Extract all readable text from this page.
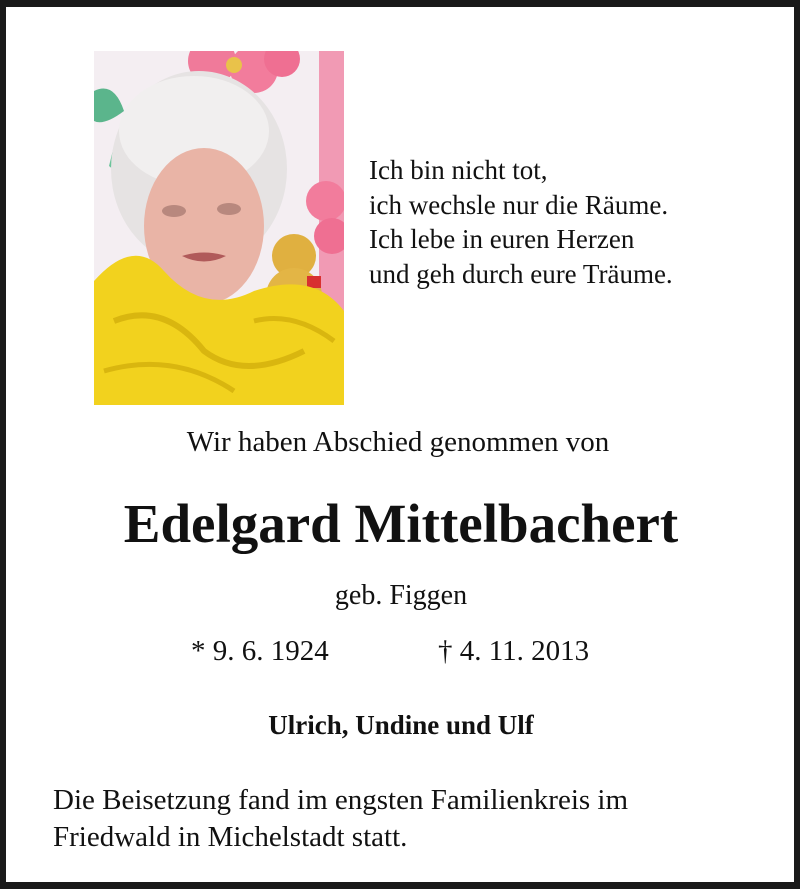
Ich bin nicht tot,
ich wechsle nur die Räume.
Ich lebe in euren Herzen
und geh durch eure Träume.
Wir haben Abschied genommen von
Edelgard Mittelbachert
geb. Figgen
* 9. 6. 1924	† 4. 11. 2013
Ulrich, Undine und Ulf
Die Beisetzung fand im engsten Familienkreis im
Friedwald in Michelstadt statt.
